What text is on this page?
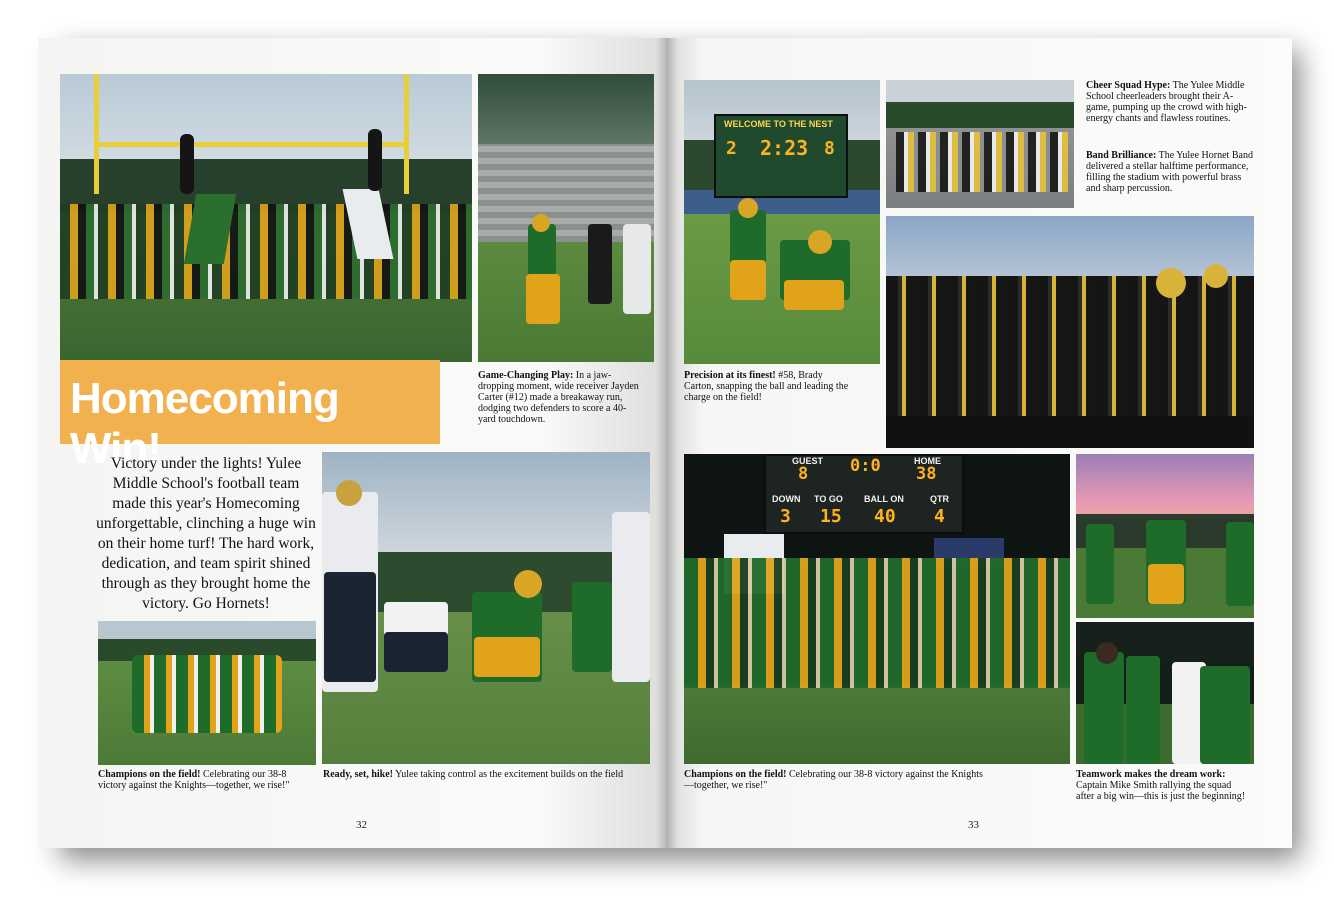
Homecoming Win!
Game-Changing Play: In a jaw-dropping moment, wide receiver Jayden Carter (#12) made a breakaway run, dodging two defenders to score a 40-yard touchdown.
Victory under the lights! Yulee Middle School's football team made this year's Homecoming unforgettable, clinching a huge win on their home turf! The hard work, dedication, and team spirit shined through as they brought home the victory. Go Hornets!
Champions on the field! Celebrating our 38-8 victory against the Knights—together, we rise!"
Ready, set, hike! Yulee taking control as the excitement builds on the field
32
WELCOME TO THE NEST
2 2:23 8
Precision at its finest! #58, Brady Carton, snapping the ball and leading the charge on the field!
Cheer Squad Hype: The Yulee Middle School cheerleaders brought their A-game, pumping up the crowd with high-energy chants and flawless routines.
Band Brilliance: The Yulee Hornet Band delivered a stellar halftime performance, filling the stadium with powerful brass and sharp percussion.
GUEST	HOME
8 0:0 38
DOWN TO GO BALL ON	QTR
3 15 40 4
Champions on the field! Celebrating our 38-8 victory against the Knights—together, we rise!"
Teamwork makes the dream work: Captain Mike Smith rallying the squad after a big win—this is just the beginning!
33
